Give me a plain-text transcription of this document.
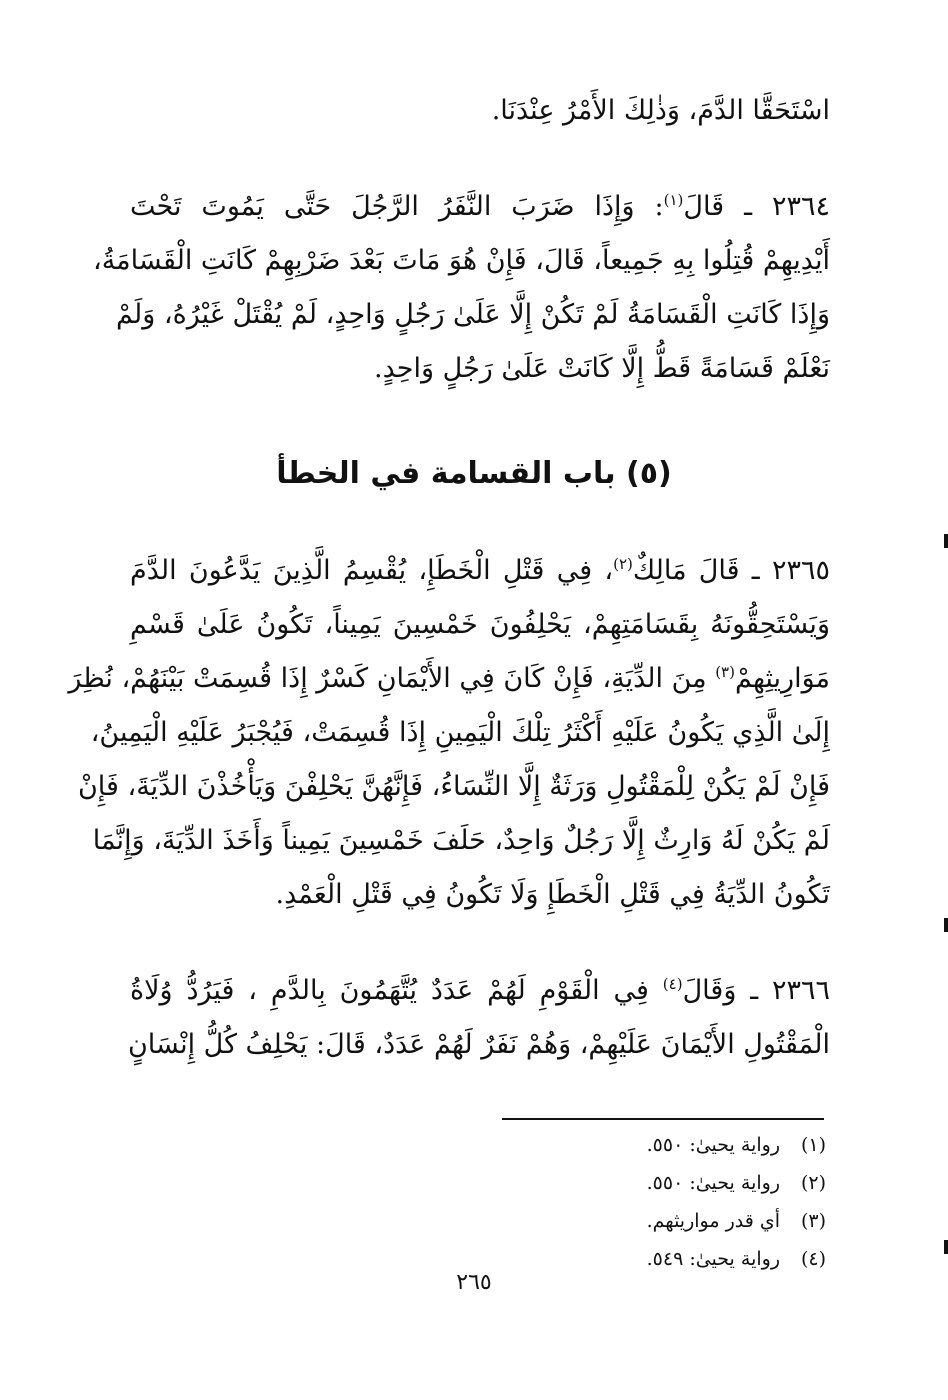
اسْتَحَقَّا الدَّمَ، وَذٰلِكَ الأَمْرُ عِنْدَنَا.
٢٣٦٤ ـ قَالَ$^{(١)}$: وَإِذَا ضَرَبَ النَّفَرُ الرَّجُلَ حَتَّى يَمُوتَ تَحْتَ
أَيْدِيهِمْ قُتِلُوا بِهِ جَمِيعاً، قَالَ، فَإِنْ هُوَ مَاتَ بَعْدَ ضَرْبِهِمْ كَانَتِ الْقَسَامَةُ،
وَإِذَا كَانَتِ الْقَسَامَةُ لَمْ تَكُنْ إِلَّا عَلَىٰ رَجُلٍ وَاحِدٍ، لَمْ يُقْتَلْ غَيْرُهُ، وَلَمْ
نَعْلَمْ قَسَامَةً قَطُّ إِلَّا كَانَتْ عَلَىٰ رَجُلٍ وَاحِدٍ.
(٥) باب القسامة في الخطأ
٢٣٦٥ ـ قَالَ مَالِكٌ$^{(٢)}$، فِي قَتْلِ الْخَطَإِ، يُقْسِمُ الَّذِينَ يَدَّعُونَ الدَّمَ
وَيَسْتَحِقُّونَهُ بِقَسَامَتِهِمْ، يَحْلِفُونَ خَمْسِينَ يَمِيناً، تَكُونُ عَلَىٰ قَسْمِ
مَوَارِيثِهِمْ$^{(٣)}$ مِنَ الدِّيَةِ، فَإِنْ كَانَ فِي الأَيْمَانِ كَسْرٌ إِذَا قُسِمَتْ بَيْنَهُمْ، نُظِرَ
إِلَىٰ الَّذِي يَكُونُ عَلَيْهِ أَكْثَرُ تِلْكَ الْيَمِينِ إِذَا قُسِمَتْ، فَيُجْبَرُ عَلَيْهِ الْيَمِينُ،
فَإِنْ لَمْ يَكُنْ لِلْمَقْتُولِ وَرَثَةٌ إِلَّا النِّسَاءُ، فَإِنَّهُنَّ يَحْلِفْنَ وَيَأْخُذْنَ الدِّيَةَ، فَإِنْ
لَمْ يَكُنْ لَهُ وَارِثٌ إِلَّا رَجُلٌ وَاحِدٌ، حَلَفَ خَمْسِينَ يَمِيناً وَأَخَذَ الدِّيَةَ، وَإِنَّمَا
تَكُونُ الدِّيَةُ فِي قَتْلِ الْخَطَإِ وَلَا تَكُونُ فِي قَتْلِ الْعَمْدِ.
٢٣٦٦ ـ وَقَالَ$^{(٤)}$ فِي الْقَوْمِ لَهُمْ عَدَدٌ يُتَّهَمُونَ بِالدَّمِ ، فَيَرُدُّ وُلَاةُ
الْمَقْتُولِ الأَيْمَانَ عَلَيْهِمْ، وَهُمْ نَفَرٌ لَهُمْ عَدَدٌ، قَالَ: يَحْلِفُ كُلُّ إِنْسَانٍ
(١)رواية يحيىٰ: ٥٥٠.
(٢)رواية يحيىٰ: ٥٥٠.
(٣)أي قدر مواريثهم.
(٤)رواية يحيىٰ: ٥٤٩.
٢٦٥
